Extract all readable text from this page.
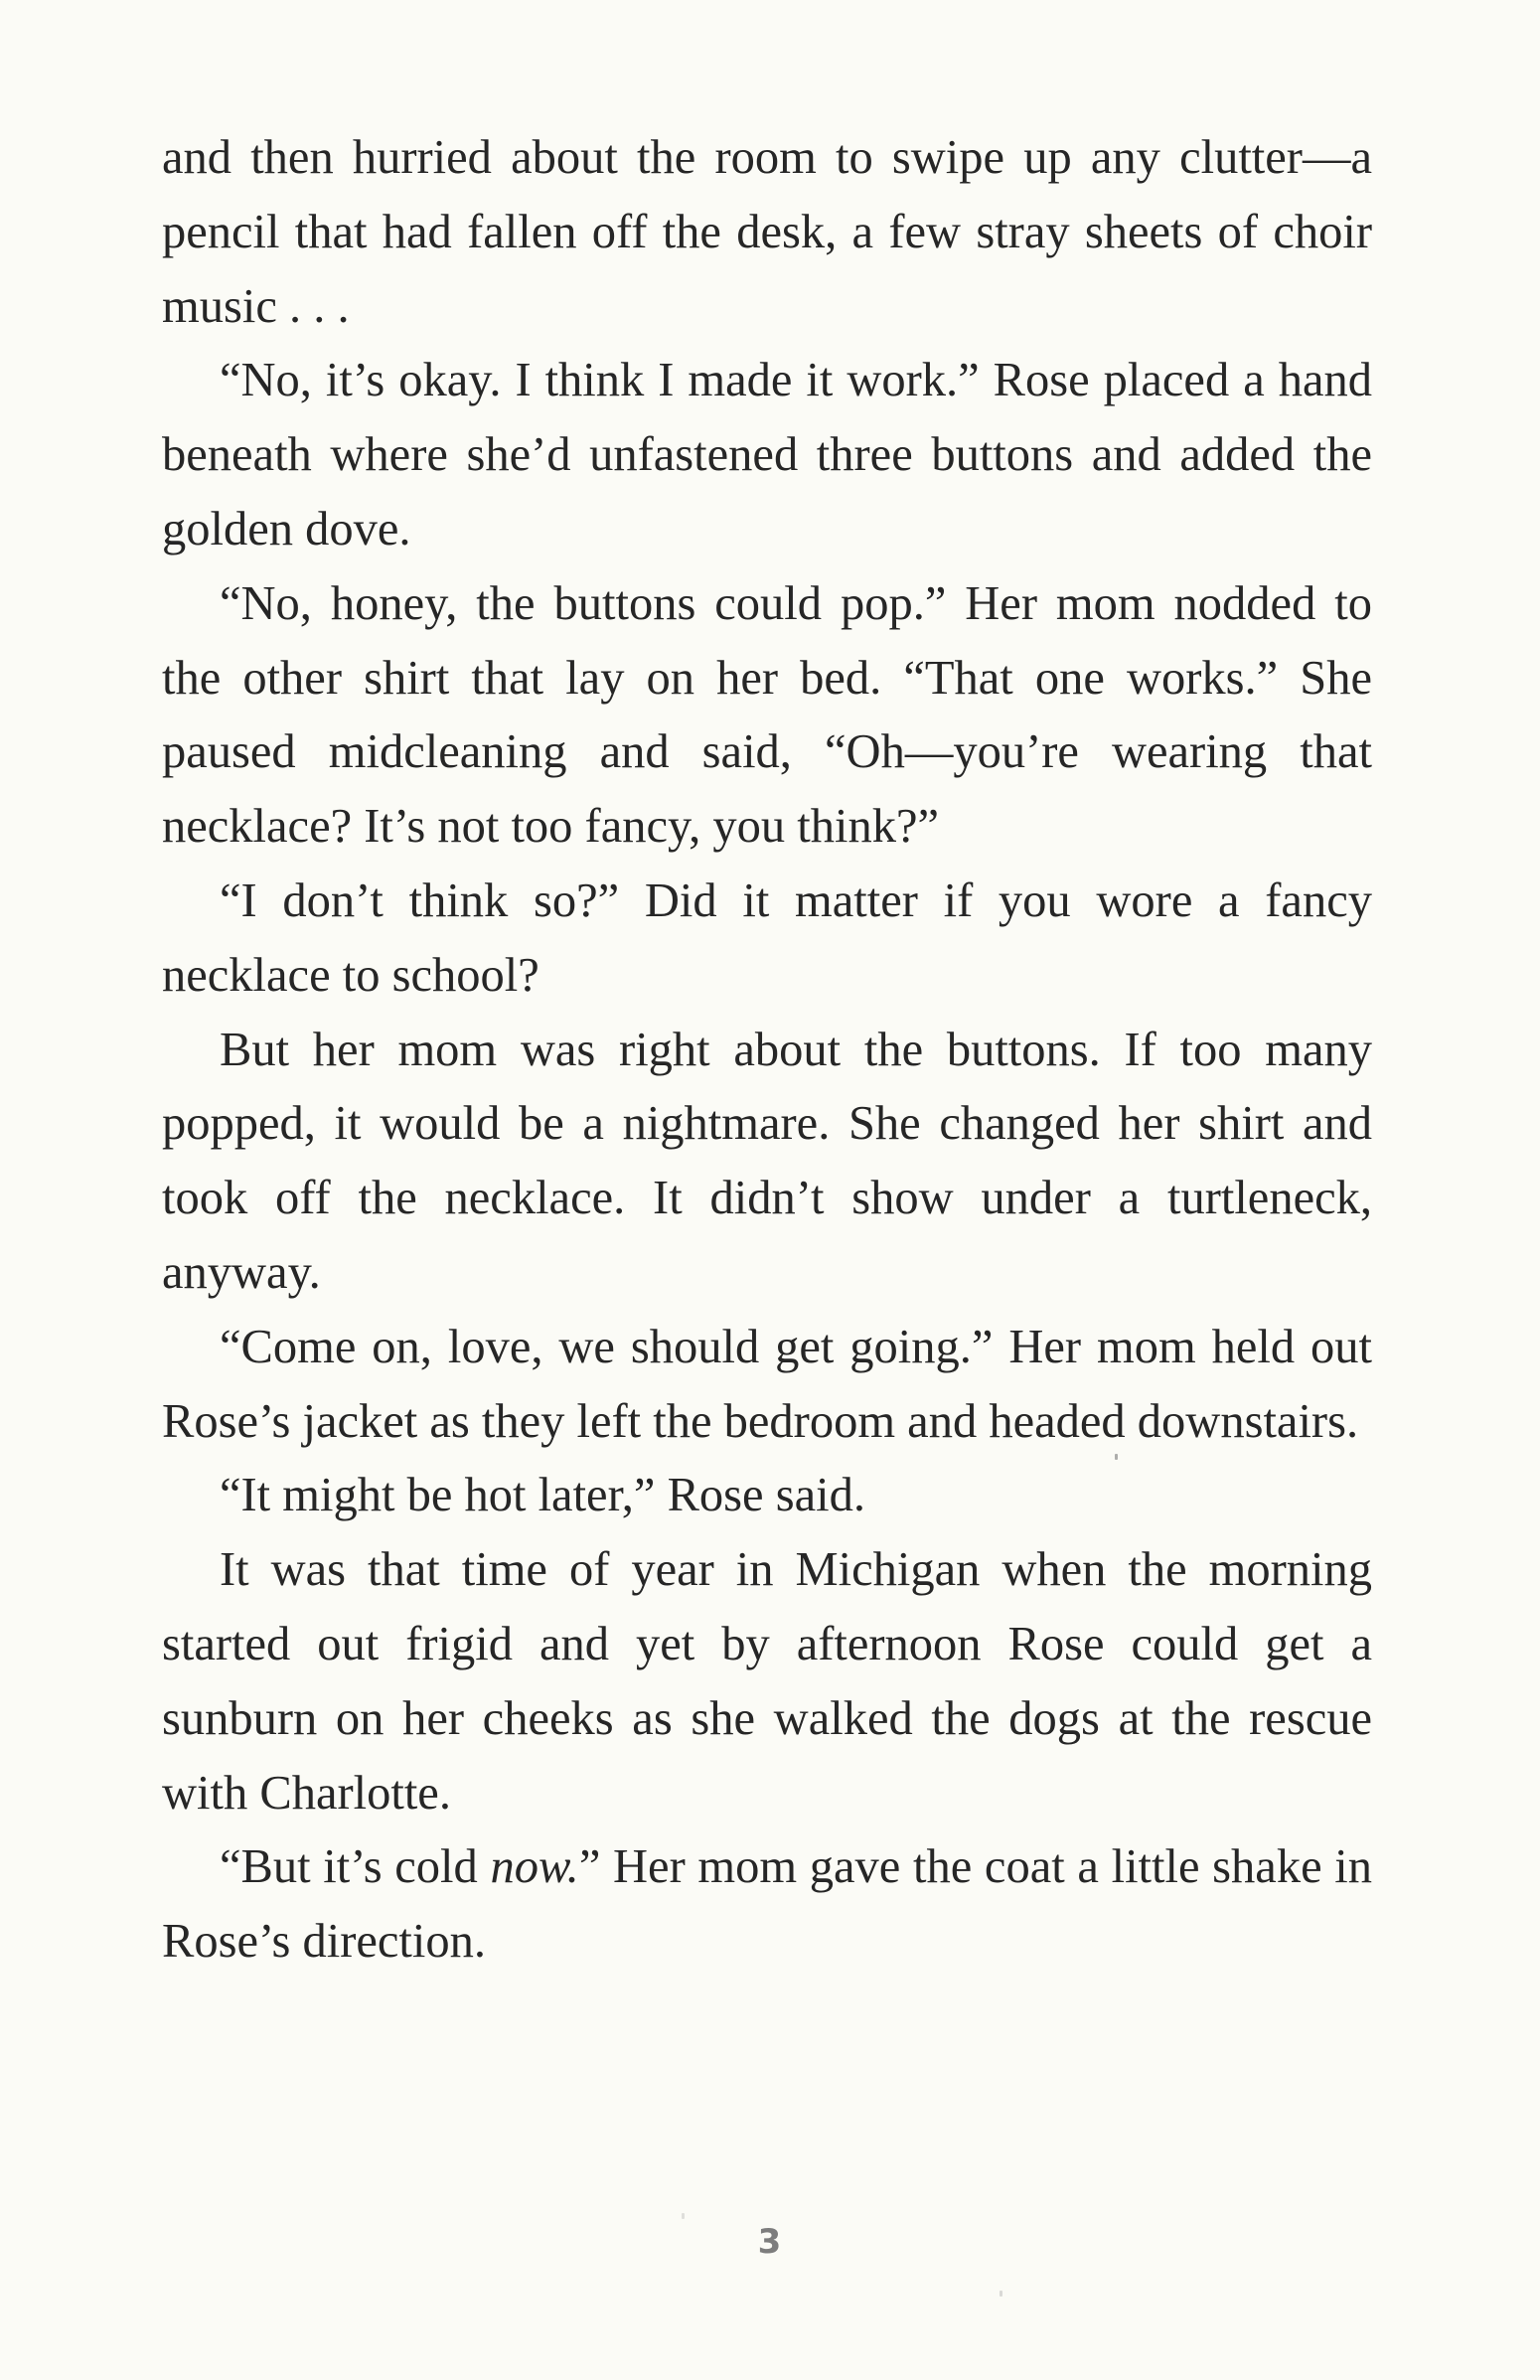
and then hurried about the room to swipe up any clutter—a pencil that had fallen off the desk, a few stray sheets of choir music . . .

“No, it’s okay. I think I made it work.” Rose placed a hand beneath where she’d unfastened three buttons and added the golden dove.

“No, honey, the buttons could pop.” Her mom nodded to the other shirt that lay on her bed. “That one works.” She paused midcleaning and said, “Oh—you’re wearing that necklace? It’s not too fancy, you think?”

“I don’t think so?” Did it matter if you wore a fancy necklace to school?

But her mom was right about the buttons. If too many popped, it would be a nightmare. She changed her shirt and took off the necklace. It didn’t show under a turtleneck, anyway.

“Come on, love, we should get going.” Her mom held out Rose’s jacket as they left the bedroom and headed downstairs.

“It might be hot later,” Rose said.

It was that time of year in Michigan when the morning started out frigid and yet by afternoon Rose could get a sunburn on her cheeks as she walked the dogs at the rescue with Charlotte.

“But it’s cold now.” Her mom gave the coat a little shake in Rose’s direction.

3
